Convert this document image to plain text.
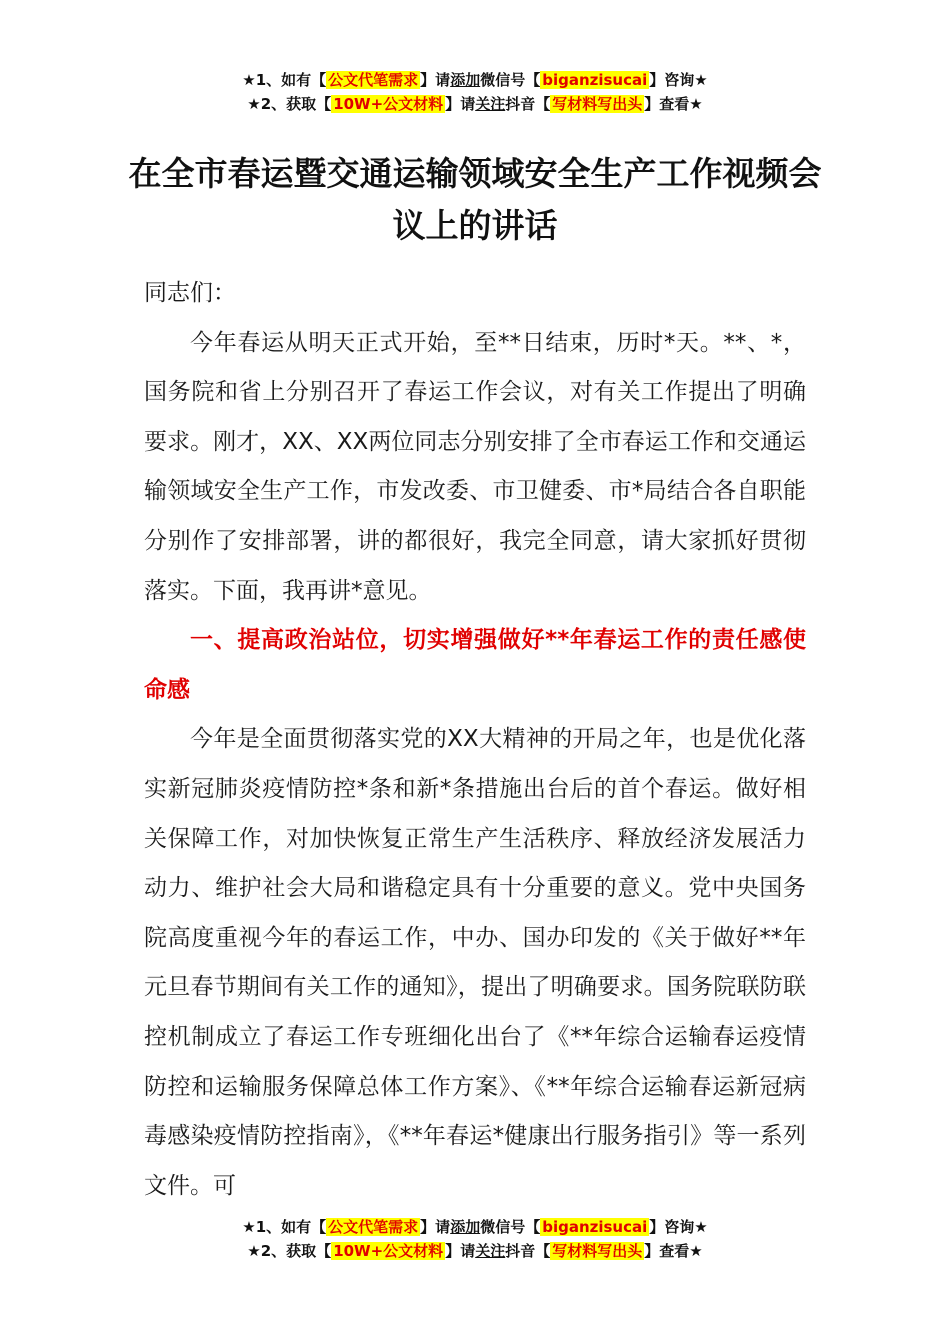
★1、如有【 公文代笔需求 】请添加微信号【 biganzisucai 】咨询★
★2、获取【 10W+公文材料 】请关注抖音【 写材料写出头 】查看★
在全市春运暨交通运输领域安全生产工作视频会议上的讲话

同志们：

今年春运从明天正式开始，至**日结束，历时*天。**、*，国务院和省上分别召开了春运工作会议，对有关工作提出了明确要求。刚才，XX、XX两位同志分别安排了全市春运工作和交通运输领域安全生产工作，市发改委、市卫健委、市*局结合各自职能分别作了安排部署，讲的都很好，我完全同意，请大家抓好贯彻落实。下面，我再讲*意见。

一、提高政治站位，切实增强做好**年春运工作的责任感使命感

今年是全面贯彻落实党的XX大精神的开局之年，也是优化落实新冠肺炎疫情防控*条和新*条措施出台后的首个春运。做好相关保障工作，对加快恢复正常生产生活秩序、释放经济发展活力动力、维护社会大局和谐稳定具有十分重要的意义。党中央国务院高度重视今年的春运工作，中办、国办印发的《关于做好**年元旦春节期间有关工作的通知》，提出了明确要求。国务院联防联控机制成立了春运工作专班细化出台了《**年综合运输春运疫情防控和运输服务保障总体工作方案》、《**年综合运输春运新冠病毒感染疫情防控指南》，《**年春运*健康出行服务指引》等一系列文件。可

★1、如有【 公文代笔需求 】请添加微信号【 biganzisucai 】咨询★
★2、获取【 10W+公文材料 】请关注抖音【 写材料写出头 】查看★
